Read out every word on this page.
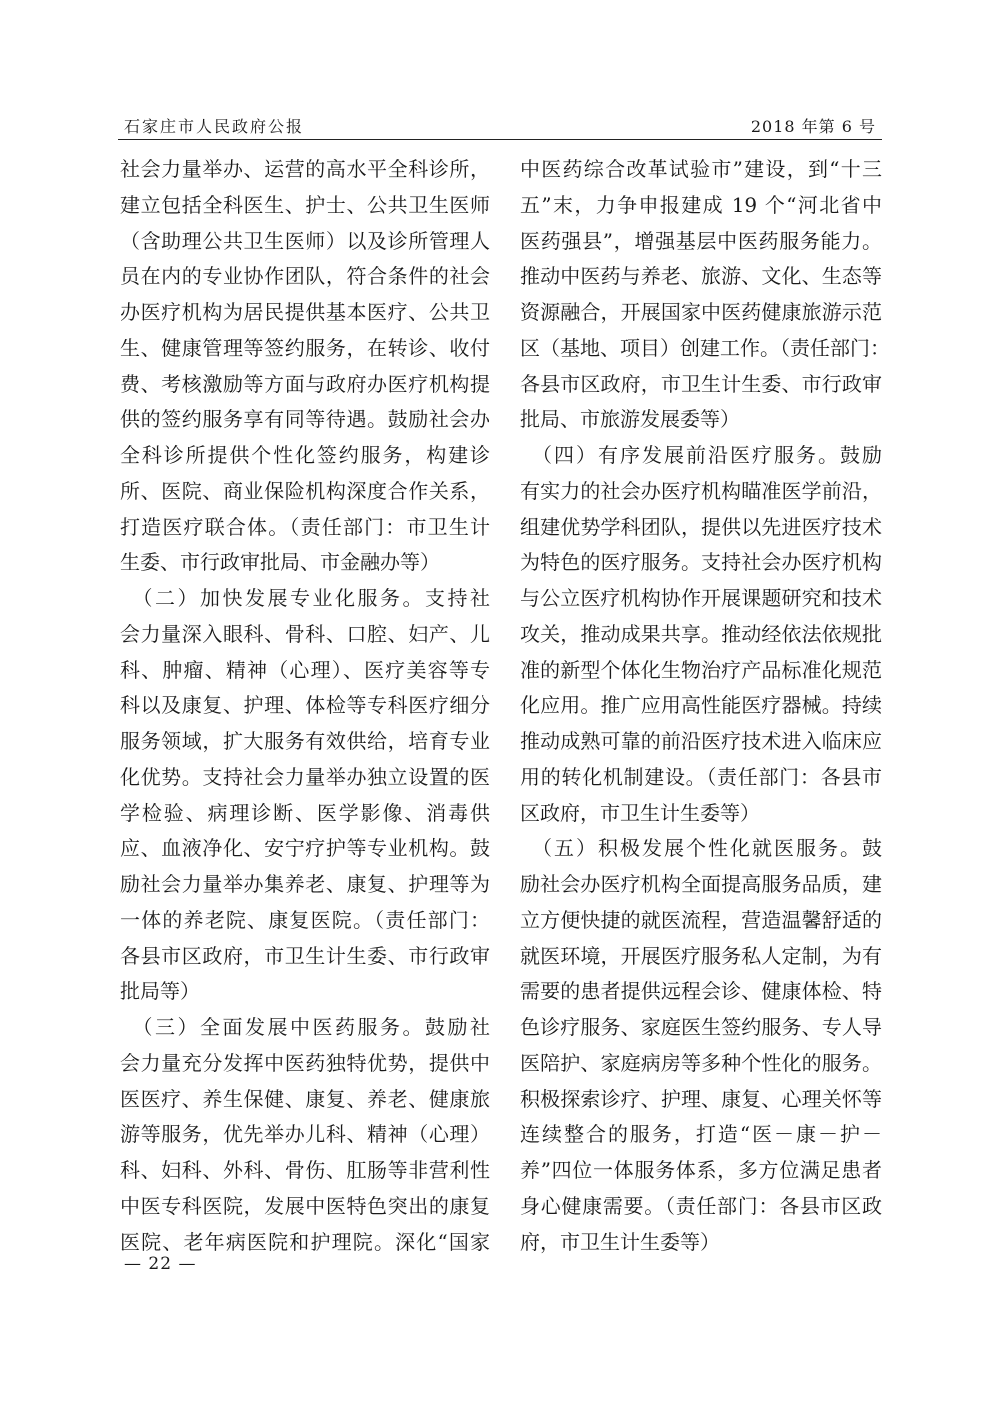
石家庄市人民政府公报	2018 年第 6 号
社会力量举办、运营的高水平全科诊所，
建立包括全科医生、护士、公共卫生医师
（含助理公共卫生医师）以及诊所管理人
员在内的专业协作团队，符合条件的社会
办医疗机构为居民提供基本医疗、公共卫
生、健康管理等签约服务，在转诊、收付
费、考核激励等方面与政府办医疗机构提
供的签约服务享有同等待遇。鼓励社会办
全科诊所提供个性化签约服务，构建诊
所、医院、商业保险机构深度合作关系，
打造医疗联合体。（责任部门：市卫生计
生委、市行政审批局、市金融办等）
　（二）加快发展专业化服务。支持社
会力量深入眼科、骨科、口腔、妇产、儿
科、肿瘤、精神（心理）、医疗美容等专
科以及康复、护理、体检等专科医疗细分
服务领域，扩大服务有效供给，培育专业
化优势。支持社会力量举办独立设置的医
学检验、病理诊断、医学影像、消毒供
应、血液净化、安宁疗护等专业机构。鼓
励社会力量举办集养老、康复、护理等为
一体的养老院、康复医院。（责任部门：
各县市区政府，市卫生计生委、市行政审
批局等）
　（三）全面发展中医药服务。鼓励社
会力量充分发挥中医药独特优势，提供中
医医疗、养生保健、康复、养老、健康旅
游等服务，优先举办儿科、精神（心理）
科、妇科、外科、骨伤、肛肠等非营利性
中医专科医院，发展中医特色突出的康复
医院、老年病医院和护理院。深化“国家
中医药综合改革试验市”建设，到“十三
五”末，力争申报建成 19 个“河北省中
医药强县”，增强基层中医药服务能力。
推动中医药与养老、旅游、文化、生态等
资源融合，开展国家中医药健康旅游示范
区（基地、项目）创建工作。（责任部门：
各县市区政府，市卫生计生委、市行政审
批局、市旅游发展委等）
　（四）有序发展前沿医疗服务。鼓励
有实力的社会办医疗机构瞄准医学前沿，
组建优势学科团队，提供以先进医疗技术
为特色的医疗服务。支持社会办医疗机构
与公立医疗机构协作开展课题研究和技术
攻关，推动成果共享。推动经依法依规批
准的新型个体化生物治疗产品标准化规范
化应用。推广应用高性能医疗器械。持续
推动成熟可靠的前沿医疗技术进入临床应
用的转化机制建设。（责任部门：各县市
区政府，市卫生计生委等）
　（五）积极发展个性化就医服务。鼓
励社会办医疗机构全面提高服务品质，建
立方便快捷的就医流程，营造温馨舒适的
就医环境，开展医疗服务私人定制，为有
需要的患者提供远程会诊、健康体检、特
色诊疗服务、家庭医生签约服务、专人导
医陪护、家庭病房等多种个性化的服务。
积极探索诊疗、护理、康复、心理关怀等
连续整合的服务，打造“医－康－护－
养”四位一体服务体系，多方位满足患者
身心健康需要。（责任部门：各县市区政
府，市卫生计生委等）
— 22 —
